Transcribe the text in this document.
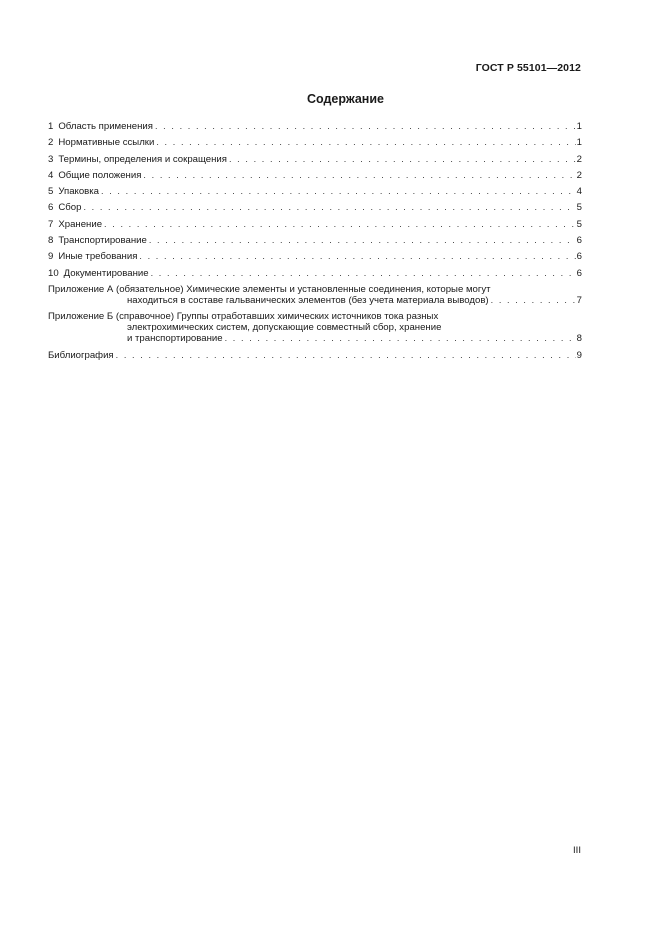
ГОСТ Р 55101—2012
Содержание
1 Область применения . . .	1
2 Нормативные ссылки . . .	1
3 Термины, определения и сокращения . . .	2
4 Общие положения . . .	2
5 Упаковка . . .	4
6 Сбор . . .	5
7 Хранение . . .	5
8 Транспортирование . . .	6
9 Иные требования . . .	6
10 Документирование . . .	6
Приложение А (обязательное) Химические элементы и установленные соединения, которые могут
находиться в составе гальванических элементов (без учета материала выводов) . . .	7
Приложение Б (справочное) Группы отработавших химических источников тока разных
электрохимических систем, допускающие совместный сбор, хранение
и транспортирование . . .	8
Библиография . . .	9
III
